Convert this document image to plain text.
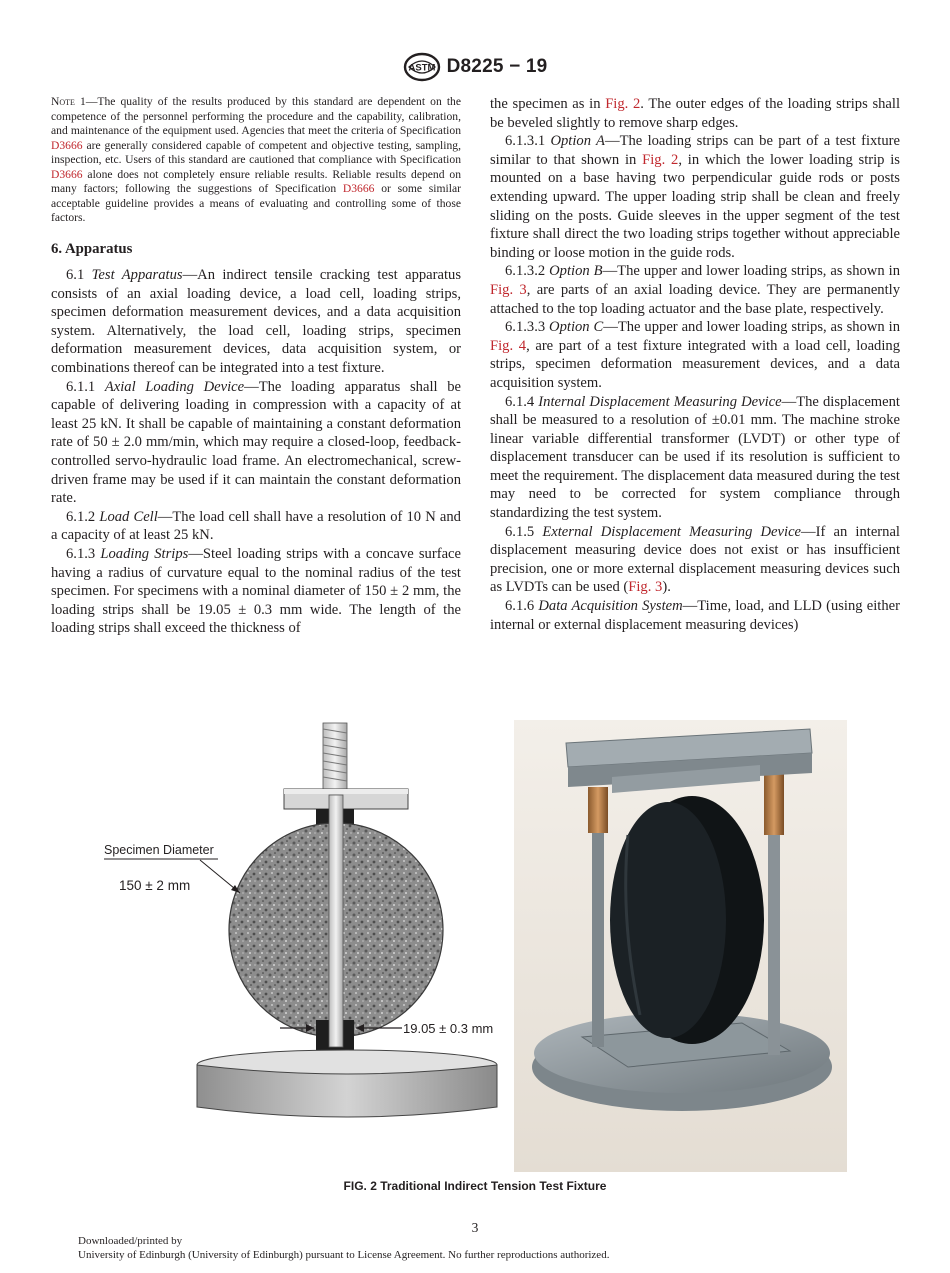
ASTM D8225 − 19

Note 1—The quality of the results produced by this standard are dependent on the competence of the personnel performing the procedure and the capability, calibration, and maintenance of the equipment used. Agencies that meet the criteria of Specification D3666 are generally considered capable of competent and objective testing, sampling, inspection, etc. Users of this standard are cautioned that compliance with Specification D3666 alone does not completely ensure reliable results. Reliable results depend on many factors; following the suggestions of Specification D3666 or some similar acceptable guideline provides a means of evaluating and controlling some of those factors.

6. Apparatus

6.1 Test Apparatus—An indirect tensile cracking test apparatus consists of an axial loading device, a load cell, loading strips, specimen deformation measurement devices, and a data acquisition system. Alternatively, the load cell, loading strips, specimen deformation measurement devices, data acquisition system, or combinations thereof can be integrated into a test fixture.

6.1.1 Axial Loading Device—The loading apparatus shall be capable of delivering loading in compression with a capacity of at least 25 kN. It shall be capable of maintaining a constant deformation rate of 50 ± 2.0 mm/min, which may require a closed-loop, feedback-controlled servo-hydraulic load frame. An electromechanical, screw-driven frame may be used if it can maintain the constant deformation rate.

6.1.2 Load Cell—The load cell shall have a resolution of 10 N and a capacity of at least 25 kN.

6.1.3 Loading Strips—Steel loading strips with a concave surface having a radius of curvature equal to the nominal radius of the test specimen. For specimens with a nominal diameter of 150 ± 2 mm, the loading strips shall be 19.05 ± 0.3 mm wide. The length of the loading strips shall exceed the thickness of

the specimen as in Fig. 2. The outer edges of the loading strips shall be beveled slightly to remove sharp edges.

6.1.3.1 Option A—The loading strips can be part of a test fixture similar to that shown in Fig. 2, in which the lower loading strip is mounted on a base having two perpendicular guide rods or posts extending upward. The upper loading strip shall be clean and freely sliding on the posts. Guide sleeves in the upper segment of the test fixture shall direct the two loading strips together without appreciable binding or loose motion in the guide rods.

6.1.3.2 Option B—The upper and lower loading strips, as shown in Fig. 3, are parts of an axial loading device. They are permanently attached to the top loading actuator and the base plate, respectively.

6.1.3.3 Option C—The upper and lower loading strips, as shown in Fig. 4, are part of a test fixture integrated with a load cell, loading strips, specimen deformation measurement devices, and a data acquisition system.

6.1.4 Internal Displacement Measuring Device—The displacement shall be measured to a resolution of ±0.01 mm. The machine stroke linear variable differential transformer (LVDT) or other type of displacement transducer can be used if its resolution is sufficient to meet the requirement. The displacement data measured during the test may need to be corrected for system compliance through standardizing the test system.

6.1.5 External Displacement Measuring Device—If an internal displacement measuring device does not exist or has insufficient precision, one or more external displacement measuring devices such as LVDTs can be used (Fig. 3).

6.1.6 Data Acquisition System—Time, load, and LLD (using either internal or external displacement measuring devices)

Specimen Diameter
150 ± 2 mm
19.05 ± 0.3 mm
FIG. 2 Traditional Indirect Tension Test Fixture
3
Downloaded/printed by
University of Edinburgh (University of Edinburgh) pursuant to License Agreement. No further reproductions authorized.
